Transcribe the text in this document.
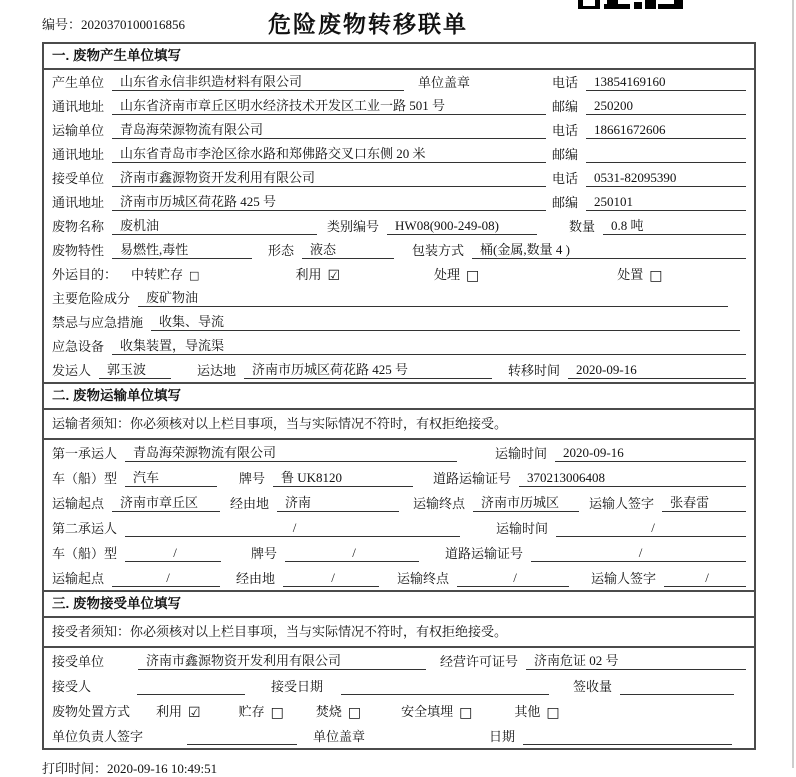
编号：2020370100016856	危险废物转移联单
一. 废物产生单位填写
产生单位	山东省永信非织造材料有限公司	单位盖章	电话	13854169160
通讯地址	山东省济南市章丘区明水经济技术开发区工业一路 501 号	邮编	250200
运输单位	青岛海荣源物流有限公司	电话	18661672606
通讯地址	山东省青岛市李沧区徐水路和郑佛路交叉口东侧 20 米	邮编
接受单位	济南市鑫源物资开发利用有限公司	电话	0531-82095390
通讯地址	济南市历城区荷花路 425 号	邮编	250101
废物名称	废机油	类别编号	HW08(900-249-08)	数量	0.8 吨
废物特性	易燃性,毒性	形态	液态	包装方式	桶(金属,数量 4 )
外运目的： 中转贮存 □	利用 ☑	处理 □	处置 □
主要危险成分	废矿物油
禁忌与应急措施	收集、导流
应急设备	收集装置，导流渠
发运人	郭玉波	运达地	济南市历城区荷花路 425 号	转移时间	2020-09-16
二. 废物运输单位填写
运输者须知：你必须核对以上栏目事项，当与实际情况不符时，有权拒绝接受。
第一承运人	青岛海荣源物流有限公司	运输时间	2020-09-16
车（船）型	汽车	牌号	鲁 UK8120	道路运输证号	370213006408
运输起点	济南市章丘区	经由地	济南	运输终点	济南市历城区	运输人签字	张春雷
第二承运人	/	运输时间	/
车（船）型	/	牌号	/	道路运输证号	/
运输起点	/	经由地	/	运输终点	/	运输人签字	/
三. 废物接受单位填写
接受者须知：你必须核对以上栏目事项，当与实际情况不符时，有权拒绝接受。
接受单位	济南市鑫源物资开发利用有限公司	经营许可证号	济南危证 02 号
接受人	接受日期	签收量
废物处置方式 利用 ☑	贮存 □ 焚烧 □	安全填埋 □	其他 □
单位负责人签字	单位盖章	日期
打印时间：2020-09-16 10:49:51
